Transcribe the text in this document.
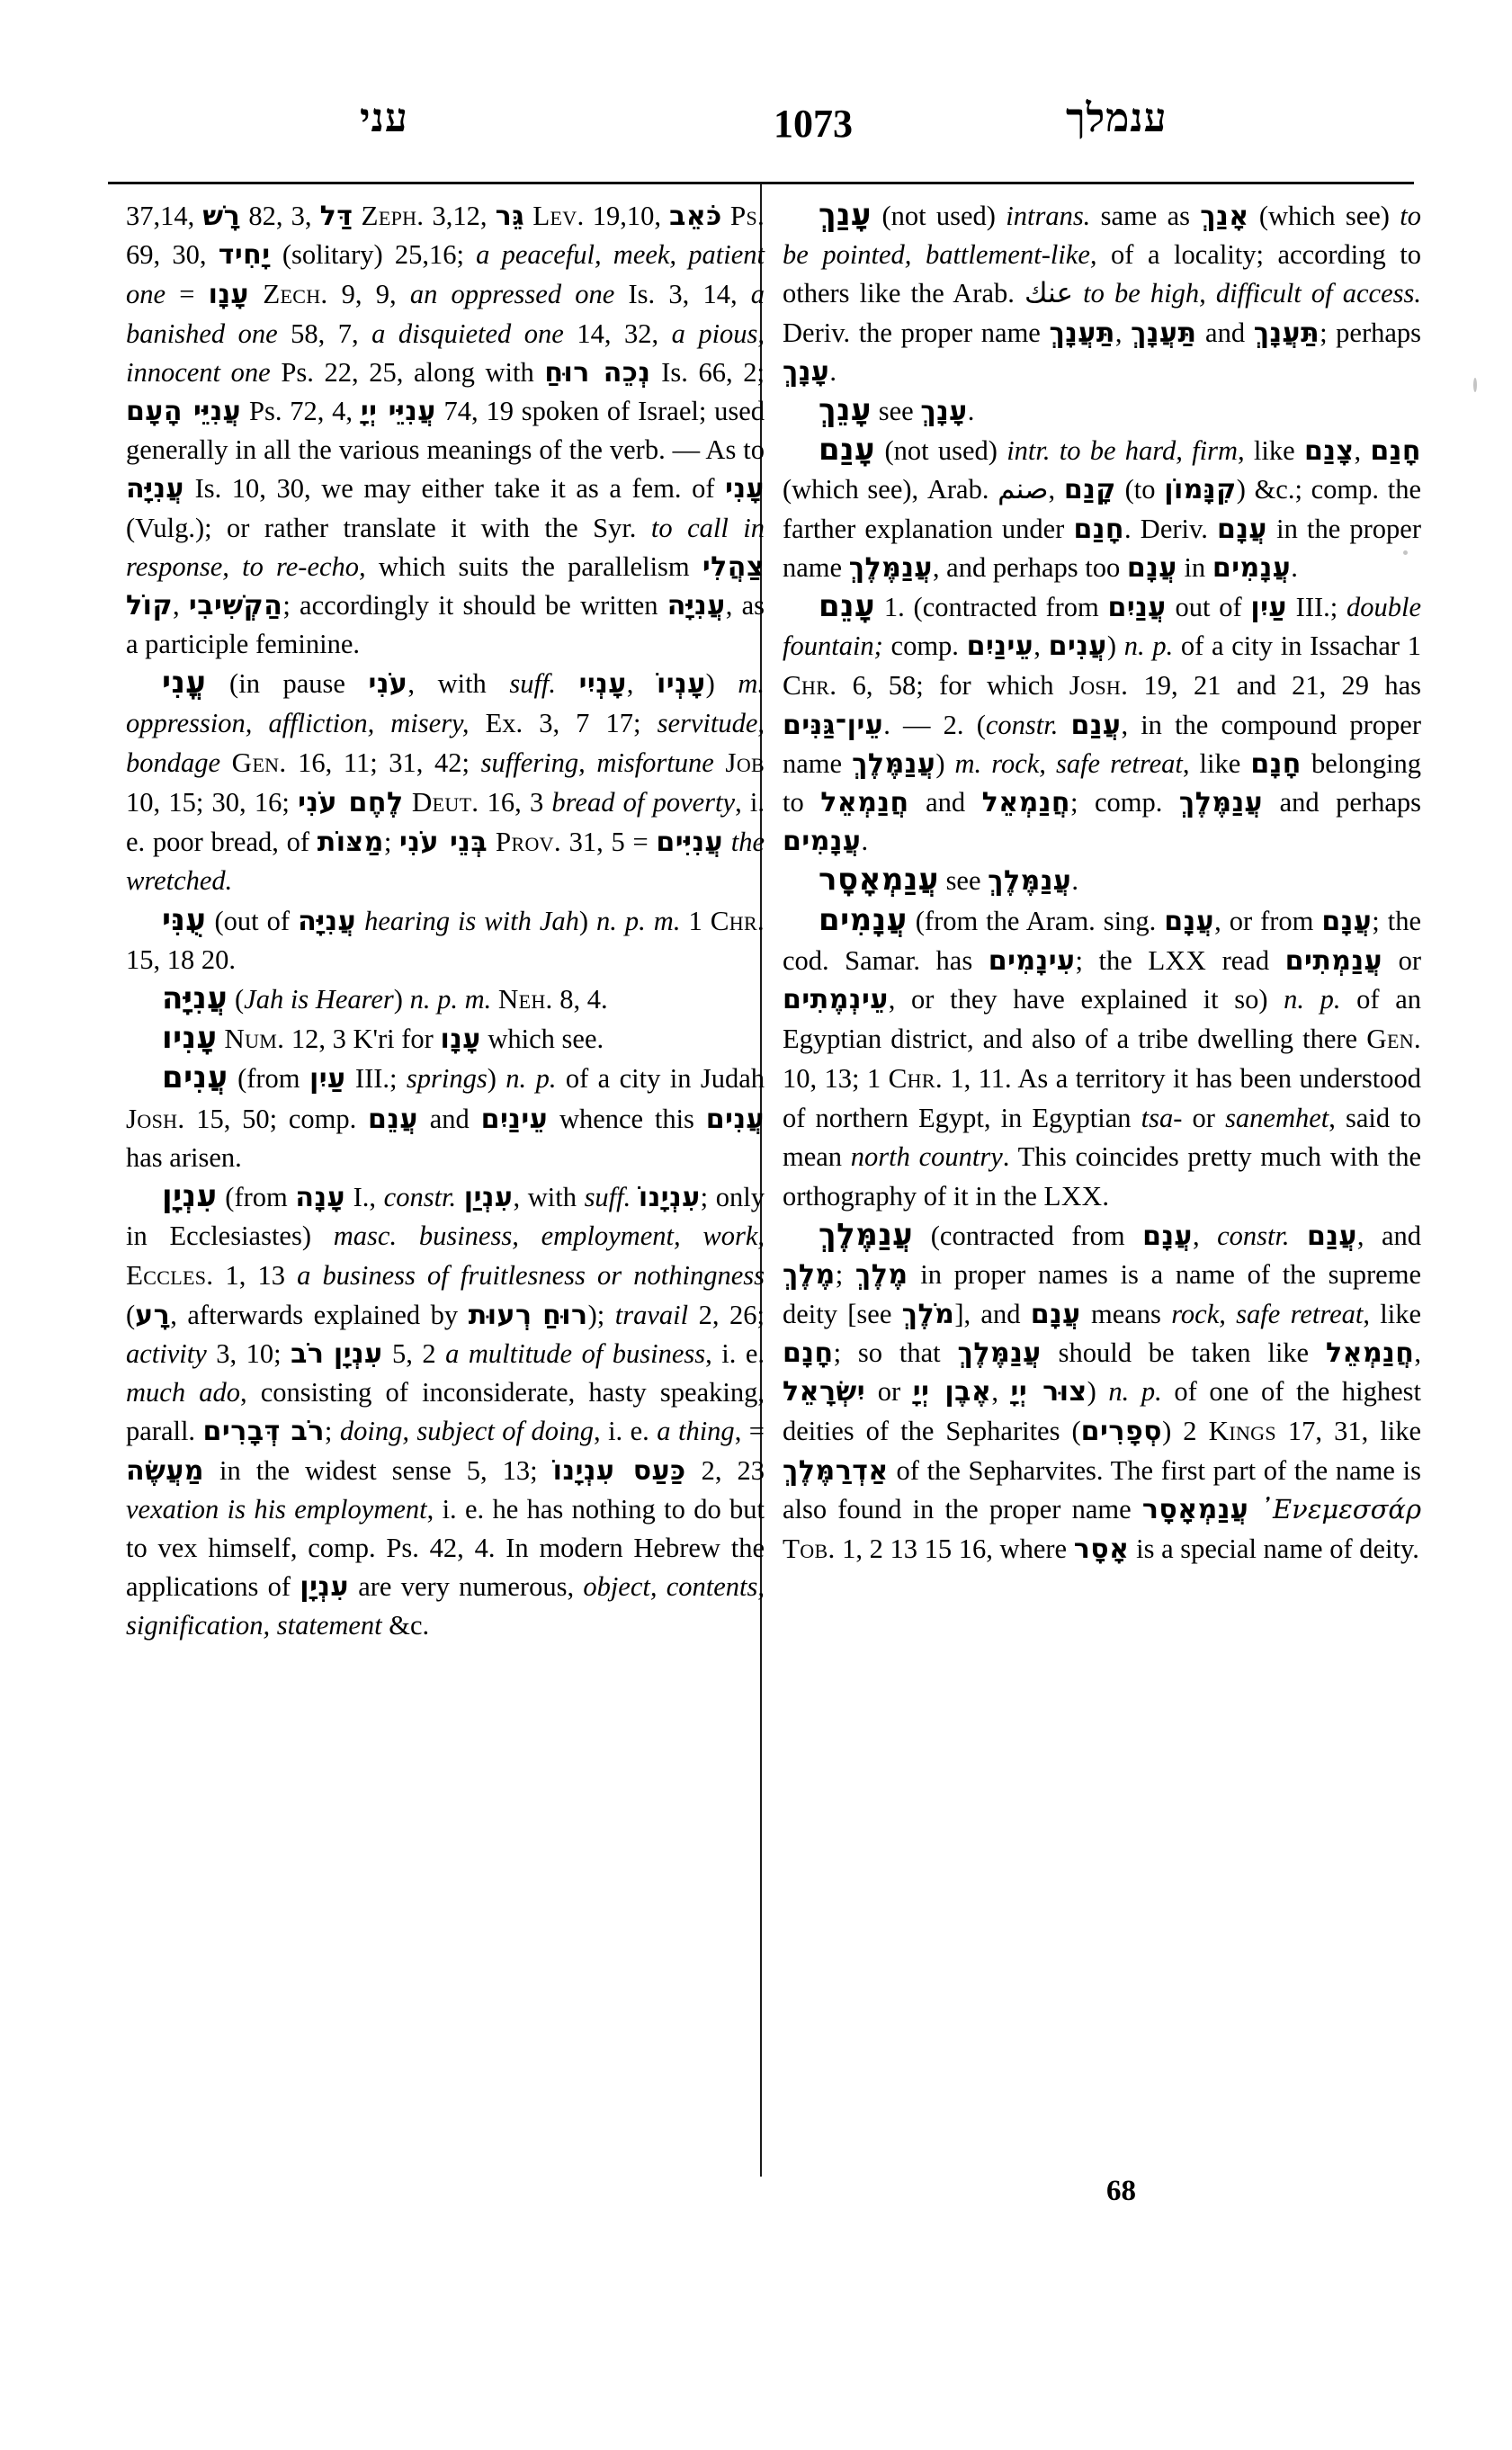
עני	1073	ענמלך

37,14, רָשׁ 82, 3, דַּל Zeph. 3,12, גֵּר Lev. 19,10, כֹּאֵב Ps. 69, 30, יָחִיד (solitary) 25,16; a peaceful, meek, patient one = עָנָו Zech. 9, 9, an oppressed one Is. 3, 14, a banished one 58, 7, a disquieted one 14, 32, a pious, innocent one Ps. 22, 25, along with נְכֵה רוּחַ Is. 66, 2; עֲנִיֵּי הָעָם Ps. 72, 4, עֲנִיֵּי יְיָ 74, 19 spoken of Israel; used generally in all the various meanings of the verb. — As to עֲנִיָּה Is. 10, 30, we may either take it as a fem. of עָנִי (Vulg.); or rather translate it with the Syr. to call in response, to re-echo, which suits the parallelism צַהֲלִי קוֹל, הַקְשִׁיבִי; accordingly it should be written עֲנִיָּה, as a participle feminine.

עֳנִי (in pause עֹנִי, with suff. עָנְיִי, עָנְיוֹ) m. oppression, affliction, misery, Ex. 3, 7 17; servitude, bondage Gen. 16, 11; 31, 42; suffering, misfortune Job 10, 15; 30, 16; לֶחֶם עֹנִי Deut. 16, 3 bread of poverty, i. e. poor bread, of מַצּוֹת; בְּנֵי עֹנִי Prov. 31, 5 = עֲנִיִּים the wretched.

עֻנִּי (out of עֲנִיָּה hearing is with Jah) n. p. m. 1 Chr. 15, 18 20.

עֲנִיָּה (Jah is Hearer) n. p. m. Neh. 8, 4.

עָנִיו Num. 12, 3 K'ri for עָנָו which see.

עֲנִים (from עַיִן III.; springs) n. p. of a city in Judah Josh. 15, 50; comp. עֲנֵם and עֵינַיִם whence this עֲנִים has arisen.

עִנְיָן (from עָנָה I., constr. עִנְיַן, with suff. עִנְיָנוֹ; only in Ecclesiastes) masc. business, employment, work, Eccles. 1, 13 a business of fruitlesness or nothingness (רָע, afterwards explained by רְעוּת רוּחַ); travail 2, 26; activity 3, 10; רֹב עִנְיָן 5, 2 a multitude of business, i. e. much ado, consisting of inconsiderate, hasty speaking, parall. רֹב דְּבָרִים; doing, subject of doing, i. e. a thing, = מַעֲשֶׂה in the widest sense 5, 13; כַּעַס עִנְיָנוֹ 2, 23 vexation is his employment, i. e. he has nothing to do but to vex himself, comp. Ps. 42, 4. In modern Hebrew the applications of עִנְיָן are very numerous, object, contents, signification, statement &c.

עָנַךְ (not used) intrans. same as אָנַךְ (which see) to be pointed, battlement-like, of a locality; according to others like the Arab. عنك to be high, difficult of access. Deriv. the proper name תַּעֲנָךְ, תַּעֲנָךְ and תַּעֲנָךְ; perhaps עָנָךְ.

עָנֵךְ see עָנָךְ.

עָנַם (not used) intr. to be hard, firm, like צָנַם, חָנַם (which see), Arab. صنم, קָנַם (to קִנָּמוֹן) &c.; comp. the farther explanation under חָנַם. Deriv. עֲנָם in the proper name עֲנַמֶּלֶךְ, and perhaps too עֲנָם in עֲנָמִים.

עָנֵם 1. (contracted from עֲנַיִם out of עַיִן III.; double fountain; comp. עֵינַיִם, עֲנִים) n. p. of a city in Issachar 1 Chr. 6, 58; for which Josh. 19, 21 and 21, 29 has עֵין־גַּנִּים. — 2. (constr. עֲנַם, in the compound proper name עֲנַמֶּלֶךְ) m. rock, safe retreat, like חָנָם belonging to חֲנַמְאֵל and חֲנַמְאֵל; comp. עֲנַמֶּלֶךְ and perhaps עֲנָמִים.

עֲנַמְאָסָר see עֲנַמֶּלֶךְ.

עֲנָמִים (from the Aram. sing. עֲנָם, or from עֲנָם; the cod. Samar. has עִינָמִים; the LXX read עֲנַמְתִים or עֵינְמֶתִים, or they have explained it so) n. p. of an Egyptian district, and also of a tribe dwelling there Gen. 10, 13; 1 Chr. 1, 11. As a territory it has been understood of northern Egypt, in Egyptian tsa- or sanemhet, said to mean north country. This coincides pretty much with the orthography of it in the LXX.

עֲנַמֶּלֶךְ (contracted from עֲנָם, constr. עֲנַם, and מֶלֶךְ; מֶלֶךְ in proper names is a name of the supreme deity [see מֹלֶךְ], and עֲנָם means rock, safe retreat, like חָנָם; so that עֲנַמֶּלֶךְ should be taken like חֲנַמְאֵל, יִשְׂרָאֵל or אֶבֶן יְיָ, צוּר יְיָ) n. p. of one of the highest deities of the Sepharites (סְפָרִים) 2 Kings 17, 31, like אַדְרַמֶּלֶךְ of the Sepharvites. The first part of the name is also found in the proper name עֲנַמְאָסָר ᾿Ενεμεσσάρ Tob. 1, 2 13 15 16, where אָסָר is a special name of deity.

68
